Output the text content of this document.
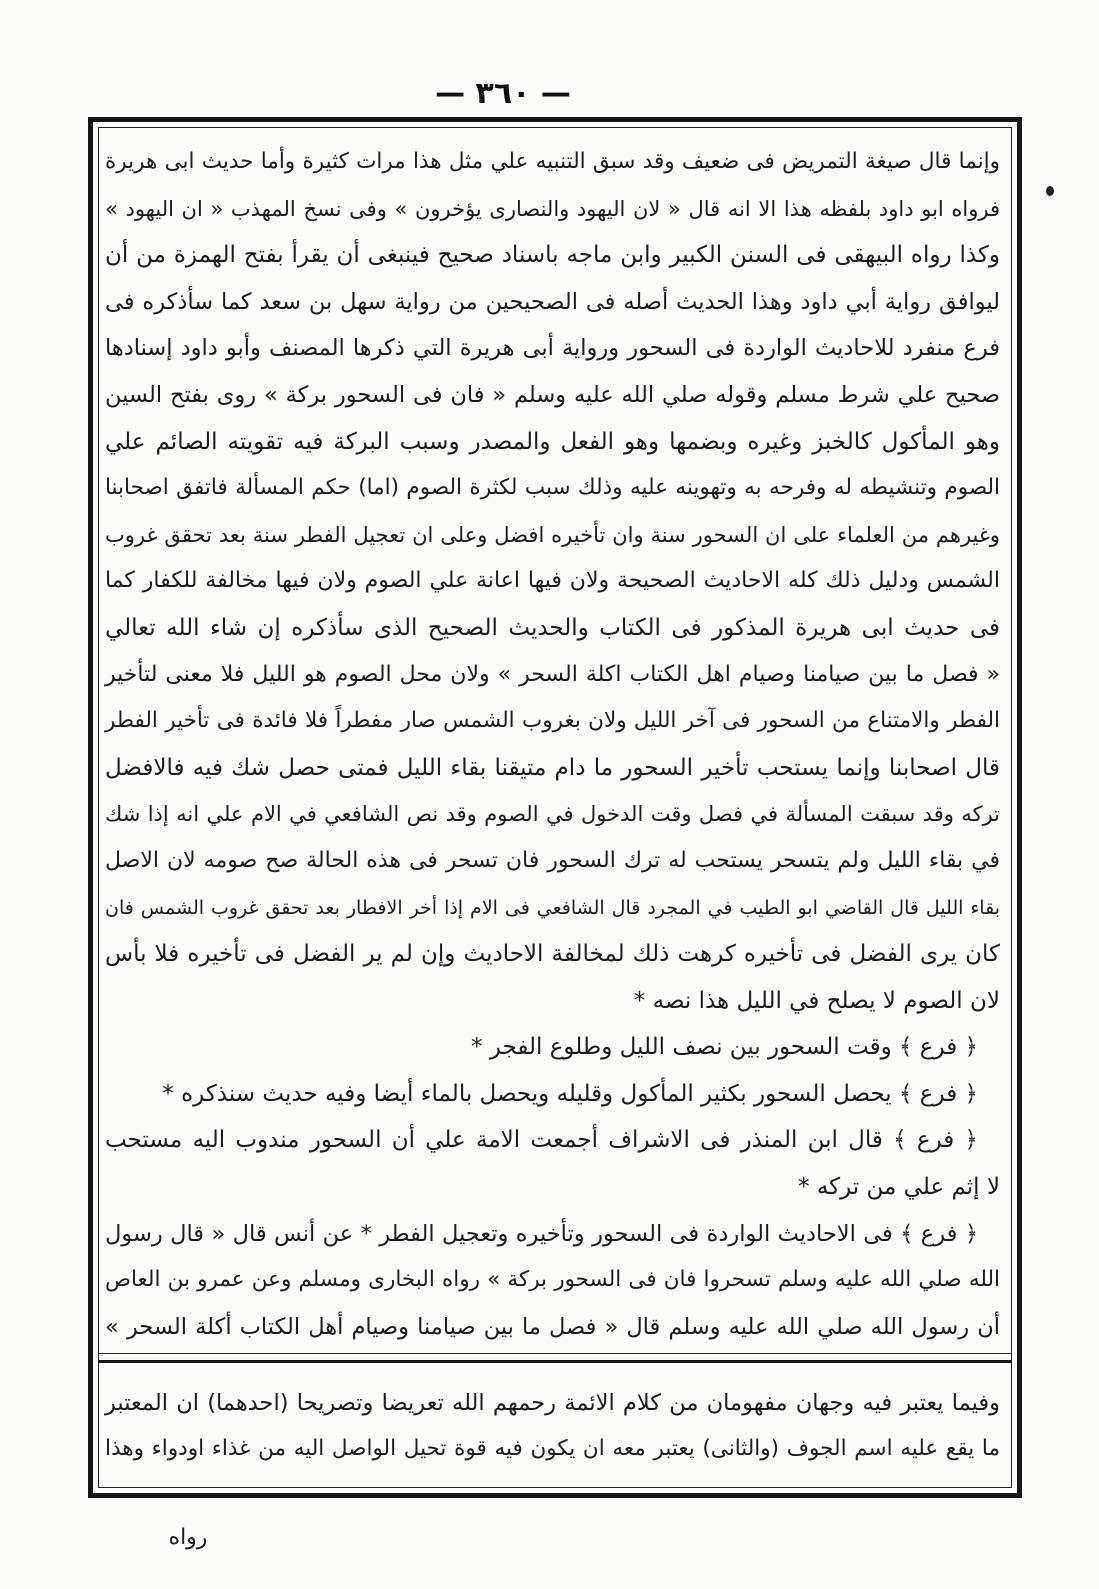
— ٣٦٠ —
وإنما قال صيغة التمريض فى ضعيف وقد سبق التنبيه علي مثل هذا مرات كثيرة وأما حديث ابى هريرة
فرواه ابو داود بلفظه هذا الا انه قال « لان اليهود والنصارى يؤخرون » وفى نسخ المهذب « ان اليهود »
وكذا رواه البيهقى فى السنن الكبير وابن ماجه باسناد صحيح فينبغى أن يقرأ بفتح الهمزة من أن
ليوافق رواية أبي داود وهذا الحديث أصله فى الصحيحين من رواية سهل بن سعد كما سأذكره فى
فرع منفرد للاحاديث الواردة فى السحور ورواية أبى هريرة التي ذكرها المصنف وأبو داود إسنادها
صحيح علي شرط مسلم وقوله صلي الله عليه وسلم « فان فى السحور بركة » روى بفتح السين
وهو المأكول كالخبز وغيره وبضمها وهو الفعل والمصدر وسبب البركة فيه تقويته الصائم علي
الصوم وتنشيطه له وفرحه به وتهوينه عليه وذلك سبب لكثرة الصوم (اما) حكم المسألة فاتفق اصحابنا
وغيرهم من العلماء على ان السحور سنة وان تأخيره افضل وعلى ان تعجيل الفطر سنة بعد تحقق غروب
الشمس ودليل ذلك كله الاحاديث الصحيحة ولان فيها اعانة علي الصوم ولان فيها مخالفة للكفار كما
فى حديث ابى هريرة المذكور فى الكتاب والحديث الصحيح الذى سأذكره إن شاء الله تعالي
« فصل ما بين صيامنا وصيام اهل الكتاب اكلة السحر » ولان محل الصوم هو الليل فلا معنى لتأخير
الفطر والامتناع من السحور فى آخر الليل ولان بغروب الشمس صار مفطراً فلا فائدة فى تأخير الفطر
قال اصحابنا وإنما يستحب تأخير السحور ما دام متيقنا بقاء الليل فمتى حصل شك فيه فالافضل
تركه وقد سبقت المسألة في فصل وقت الدخول في الصوم وقد نص الشافعي في الام علي انه إذا شك
في بقاء الليل ولم يتسحر يستحب له ترك السحور فان تسحر فى هذه الحالة صح صومه لان الاصل
بقاء الليل قال القاضي ابو الطيب في المجرد قال الشافعي فى الام إذا أخر الافطار بعد تحقق غروب الشمس فان
كان يرى الفضل فى تأخيره كرهت ذلك لمخالفة الاحاديث وإن لم ير الفضل فى تأخيره فلا بأس
لان الصوم لا يصلح في الليل هذا نصه *
﴿ فرع ﴾ وقت السحور بين نصف الليل وطلوع الفجر *
﴿ فرع ﴾ يحصل السحور بكثير المأكول وقليله ويحصل بالماء أيضا وفيه حديث سنذكره *
﴿ فرع ﴾ قال ابن المنذر فى الاشراف أجمعت الامة علي أن السحور مندوب اليه مستحب
لا إثم علي من تركه *
﴿ فرع ﴾ فى الاحاديث الواردة فى السحور وتأخيره وتعجيل الفطر * عن أنس قال « قال رسول
الله صلي الله عليه وسلم تسحروا فان فى السحور بركة » رواه البخارى ومسلم وعن عمرو بن العاص
أن رسول الله صلي الله عليه وسلم قال « فصل ما بين صيامنا وصيام أهل الكتاب أكلة السحر »
وفيما يعتبر فيه وجهان مفهومان من كلام الائمة رحمهم الله تعريضا وتصريحا (احدهما) ان المعتبر
ما يقع عليه اسم الجوف (والثانى) يعتبر معه ان يكون فيه قوة تحيل الواصل اليه من غذاء اودواء وهذا
رواه
